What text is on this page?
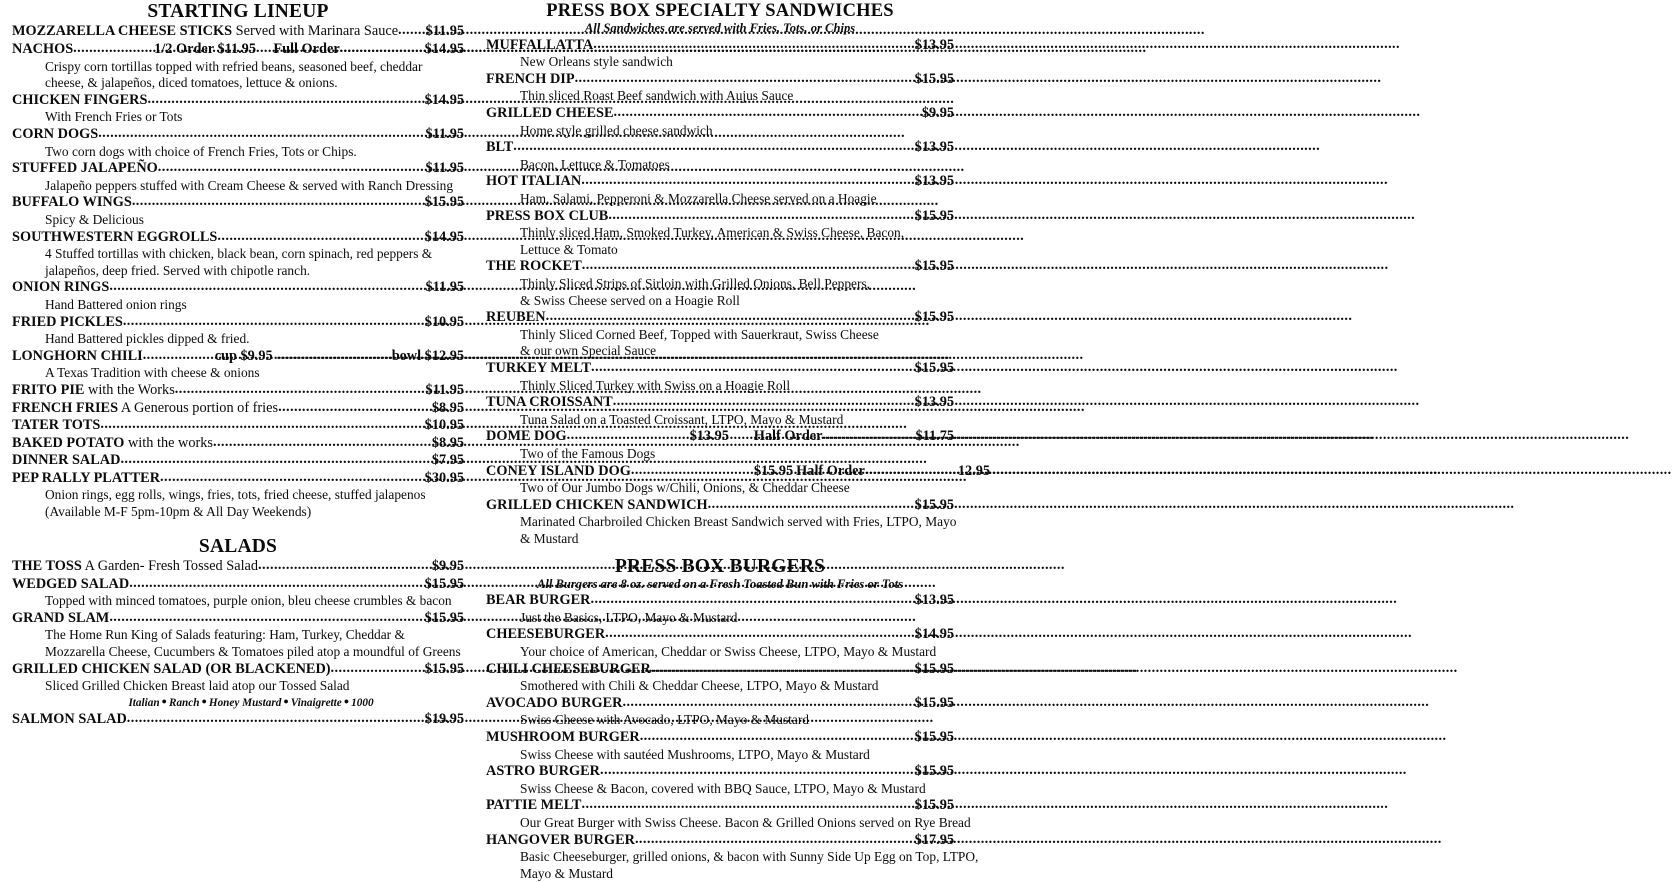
STARTING LINEUP
MOZZARELLA CHEESE STICKS Served with Marinara Sauce ..... $11.95
NACHOS .....	1/2 Order $11.95 Full Order .....	$14.95
Crispy corn tortillas topped with refried beans, seasoned beef, cheddar
cheese, & jalapeños, diced tomatoes, lettuce & onions.
CHICKEN FINGERS .....	$14.95
With French Fries or Tots
CORN DOGS .....	$11.95
Two corn dogs with choice of French Fries, Tots or Chips.
STUFFED JALAPEÑO .....	$11.95
Jalapeño peppers stuffed with Cream Cheese & served with Ranch Dressing
BUFFALO WINGS .....	$15.95
Spicy & Delicious
SOUTHWESTERN EGGROLLS .....	$14.95
4 Stuffed tortillas with chicken, black bean, corn spinach, red peppers &
jalapeños, deep fried. Served with chipotle ranch.
ONION RINGS .....	$11.95
Hand Battered onion rings
FRIED PICKLES .....	$10.95
Hand Battered pickles dipped & fried.
LONGHORN CHILI .....	cup $9.95 .....	bowl $12.95
A Texas Tradition with cheese & onions
FRITO PIE with the Works .....	$11.95
FRENCH FRIES A Generous portion of fries .....	$8.95
TATER TOTS .....	$10.95
BAKED POTATO with the works .....	$8.95
DINNER SALAD .....	$7.95
PEP RALLY PLATTER .....	$30.95
Onion rings, egg rolls, wings, fries, tots, fried cheese, stuffed jalapenos
(Available M-F 5pm-10pm & All Day Weekends)
SALADS
THE TOSS A Garden- Fresh Tossed Salad .....	$9.95
WEDGED SALAD .....	$15.95
Topped with minced tomatoes, purple onion, bleu cheese crumbles & bacon
GRAND SLAM .....	$15.95
The Home Run King of Salads featuring: Ham, Turkey, Cheddar &
Mozzarella Cheese, Cucumbers & Tomatoes piled atop a moundful of Greens
GRILLED CHICKEN SALAD (OR BLACKENED) .....	$15.95
Sliced Grilled Chicken Breast laid atop our Tossed Salad
Italian ● Ranch ● Honey Mustard ● Vinaigrette ● 1000
SALMON SALAD .....	$19.95
PRESS BOX SPECIALTY SANDWICHES
All Sandwiches are served with Fries, Tots, or Chips
MUFFALLATTA .....	$13.95
New Orleans style sandwich
FRENCH DIP .....	$15.95
Thin sliced Roast Beef sandwich with Aujus Sauce
GRILLED CHEESE .....	$9.95
Home style grilled cheese sandwich
BLT .....	$13.95
Bacon, Lettuce & Tomatoes
HOT ITALIAN .....	$13.95
Ham, Salami, Pepperoni & Mozzarella Cheese served on a Hoagie
PRESS BOX CLUB .....	$15.95
Thinly sliced Ham, Smoked Turkey, American & Swiss Cheese, Bacon,
Lettuce & Tomato
THE ROCKET .....	$15.95
Thinly Sliced Strips of Sirloin with Grilled Onions, Bell Peppers,
& Swiss Cheese served on a Hoagie Roll
REUBEN .....	$15.95
Thinly Sliced Corned Beef, Topped with Sauerkraut, Swiss Cheese
& our own Special Sauce
TURKEY MELT .....	$15.95
Thinly Sliced Turkey with Swiss on a Hoagie Roll
TUNA CROISSANT .....	$13.95
Tuna Salad on a Toasted Croissant, LTPO, Mayo & Mustard
DOME DOG .....	$13.95 Half Order .....	$11.75
Two of the Famous Dogs
CONEY ISLAND DOG .....	$15.95 Half Order .....	12.95
Two of Our Jumbo Dogs w/Chili, Onions, & Cheddar Cheese
GRILLED CHICKEN SANDWICH .....	$15.95
Marinated Charbroiled Chicken Breast Sandwich served with Fries, LTPO, Mayo
& Mustard
PRESS BOX BURGERS
All Burgers are 8 oz. served on a Fresh Toasted Bun with Fries or Tots
BEAR BURGER .....	$13.95
Just the Basics, LTPO, Mayo & Mustard
CHEESEBURGER .....	$14.95
Your choice of American, Cheddar or Swiss Cheese, LTPO, Mayo & Mustard
CHILI CHEESEBURGER .....	$15.95
Smothered with Chili & Cheddar Cheese, LTPO, Mayo & Mustard
AVOCADO BURGER .....	$15.95
Swiss Cheese with Avocado, LTPO, Mayo & Mustard
MUSHROOM BURGER .....	$15.95
Swiss Cheese with sautéed Mushrooms, LTPO, Mayo & Mustard
ASTRO BURGER .....	$15.95
Swiss Cheese & Bacon, covered with BBQ Sauce, LTPO, Mayo & Mustard
PATTIE MELT .....	$15.95
Our Great Burger with Swiss Cheese. Bacon & Grilled Onions served on Rye Bread
HANGOVER BURGER .....	$17.95
Basic Cheeseburger, grilled onions, & bacon with Sunny Side Up Egg on Top, LTPO,
Mayo & Mustard
